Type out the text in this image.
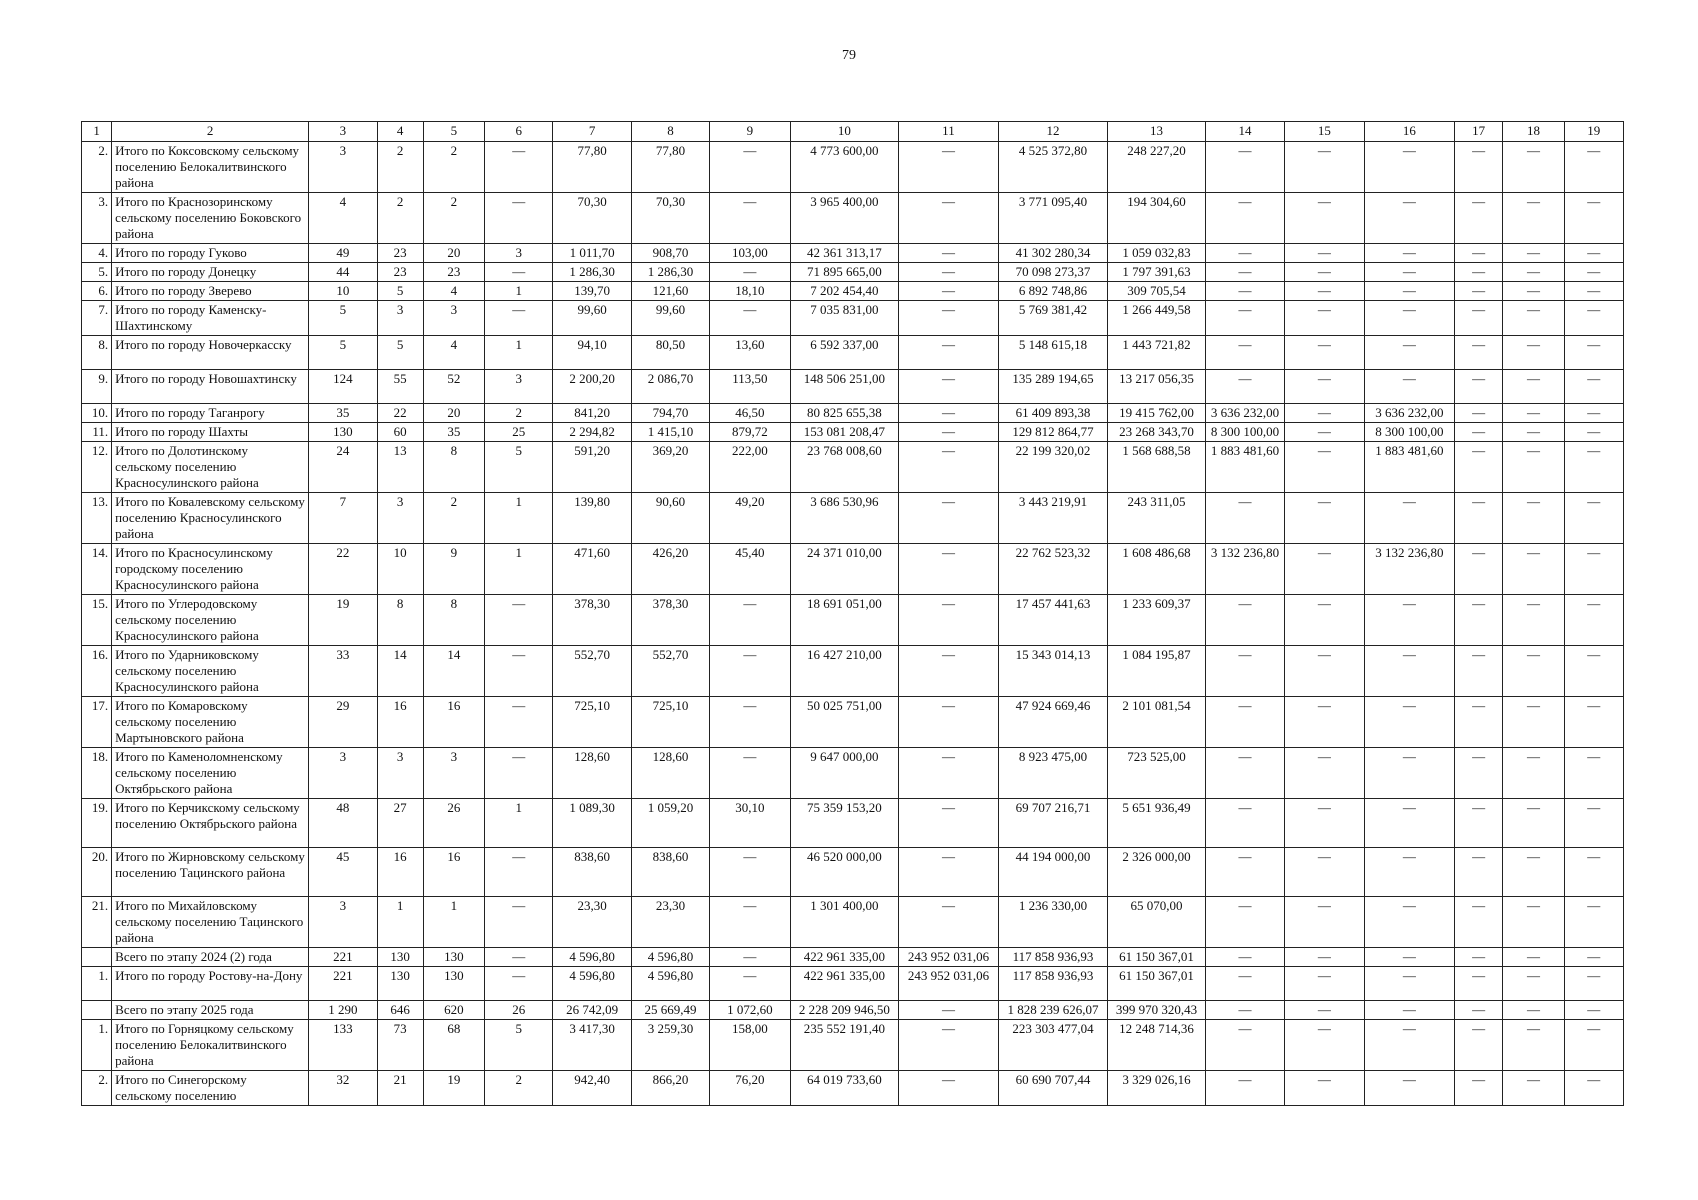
79
1	2	3	4	5	6	7	8	9	10	11	12	13	14	15	16	17	18	19
2.	Итого по Коксовскому сельскому поселению Белокалитвинского района	3	2	2	—	77,80	77,80	—	4 773 600,00	—	4 525 372,80	248 227,20	—	—	—	—	—	—
3.	Итого по Краснозоринскому сельскому поселению Боковского района	4	2	2	—	70,30	70,30	—	3 965 400,00	—	3 771 095,40	194 304,60	—	—	—	—	—	—
4.	Итого по городу Гуково	49	23	20	3	1 011,70	908,70	103,00	42 361 313,17	—	41 302 280,34	1 059 032,83	—	—	—	—	—	—
5.	Итого по городу Донецку	44	23	23	—	1 286,30	1 286,30	—	71 895 665,00	—	70 098 273,37	1 797 391,63	—	—	—	—	—	—
6.	Итого по городу Зверево	10	5	4	1	139,70	121,60	18,10	7 202 454,40	—	6 892 748,86	309 705,54	—	—	—	—	—	—
7.	Итого по городу Каменску-Шахтинскому	5	3	3	—	99,60	99,60	—	7 035 831,00	—	5 769 381,42	1 266 449,58	—	—	—	—	—	—
8.	Итого по городу Новочеркасску	5	5	4	1	94,10	80,50	13,60	6 592 337,00	—	5 148 615,18	1 443 721,82	—	—	—	—	—	—
9.	Итого по городу Новошахтинску	124	55	52	3	2 200,20	2 086,70	113,50	148 506 251,00	—	135 289 194,65	13 217 056,35	—	—	—	—	—	—
10.	Итого по городу Таганрогу	35	22	20	2	841,20	794,70	46,50	80 825 655,38	—	61 409 893,38	19 415 762,00	3 636 232,00	—	3 636 232,00	—	—	—
11.	Итого по городу Шахты	130	60	35	25	2 294,82	1 415,10	879,72	153 081 208,47	—	129 812 864,77	23 268 343,70	8 300 100,00	—	8 300 100,00	—	—	—
12.	Итого по Долотинскому сельскому поселению Красносулинского района	24	13	8	5	591,20	369,20	222,00	23 768 008,60	—	22 199 320,02	1 568 688,58	1 883 481,60	—	1 883 481,60	—	—	—
13.	Итого по Ковалевскому сельскому поселению Красносулинского района	7	3	2	1	139,80	90,60	49,20	3 686 530,96	—	3 443 219,91	243 311,05	—	—	—	—	—	—
14.	Итого по Красносулинскому городскому поселению Красносулинского района	22	10	9	1	471,60	426,20	45,40	24 371 010,00	—	22 762 523,32	1 608 486,68	3 132 236,80	—	3 132 236,80	—	—	—
15.	Итого по Углеродовскому сельскому поселению Красносулинского района	19	8	8	—	378,30	378,30	—	18 691 051,00	—	17 457 441,63	1 233 609,37	—	—	—	—	—	—
16.	Итого по Ударниковскому сельскому поселению Красносулинского района	33	14	14	—	552,70	552,70	—	16 427 210,00	—	15 343 014,13	1 084 195,87	—	—	—	—	—	—
17.	Итого по Комаровскому сельскому поселению Мартыновского района	29	16	16	—	725,10	725,10	—	50 025 751,00	—	47 924 669,46	2 101 081,54	—	—	—	—	—	—
18.	Итого по Каменоломненскому сельскому поселению Октябрьского района	3	3	3	—	128,60	128,60	—	9 647 000,00	—	8 923 475,00	723 525,00	—	—	—	—	—	—
19.	Итого по Керчикскому сельскому поселению Октябрьского района	48	27	26	1	1 089,30	1 059,20	30,10	75 359 153,20	—	69 707 216,71	5 651 936,49	—	—	—	—	—	—
20.	Итого по Жирновскому сельскому поселению Тацинского района	45	16	16	—	838,60	838,60	—	46 520 000,00	—	44 194 000,00	2 326 000,00	—	—	—	—	—	—
21.	Итого по Михайловскому сельскому поселению Тацинского района	3	1	1	—	23,30	23,30	—	1 301 400,00	—	1 236 330,00	65 070,00	—	—	—	—	—	—
	Всего по этапу 2024 (2) года	221	130	130	—	4 596,80	4 596,80	—	422 961 335,00	243 952 031,06	117 858 936,93	61 150 367,01	—	—	—	—	—	—
1.	Итого по городу Ростову-на-Дону	221	130	130	—	4 596,80	4 596,80	—	422 961 335,00	243 952 031,06	117 858 936,93	61 150 367,01	—	—	—	—	—	—
	Всего по этапу 2025 года	1 290	646	620	26	26 742,09	25 669,49	1 072,60	2 228 209 946,50	—	1 828 239 626,07	399 970 320,43	—	—	—	—	—	—
1.	Итого по Горняцкому сельскому поселению Белокалитвинского района	133	73	68	5	3 417,30	3 259,30	158,00	235 552 191,40	—	223 303 477,04	12 248 714,36	—	—	—	—	—	—
2.	Итого по Синегорскому сельскому поселению	32	21	19	2	942,40	866,20	76,20	64 019 733,60	—	60 690 707,44	3 329 026,16	—	—	—	—	—	—
